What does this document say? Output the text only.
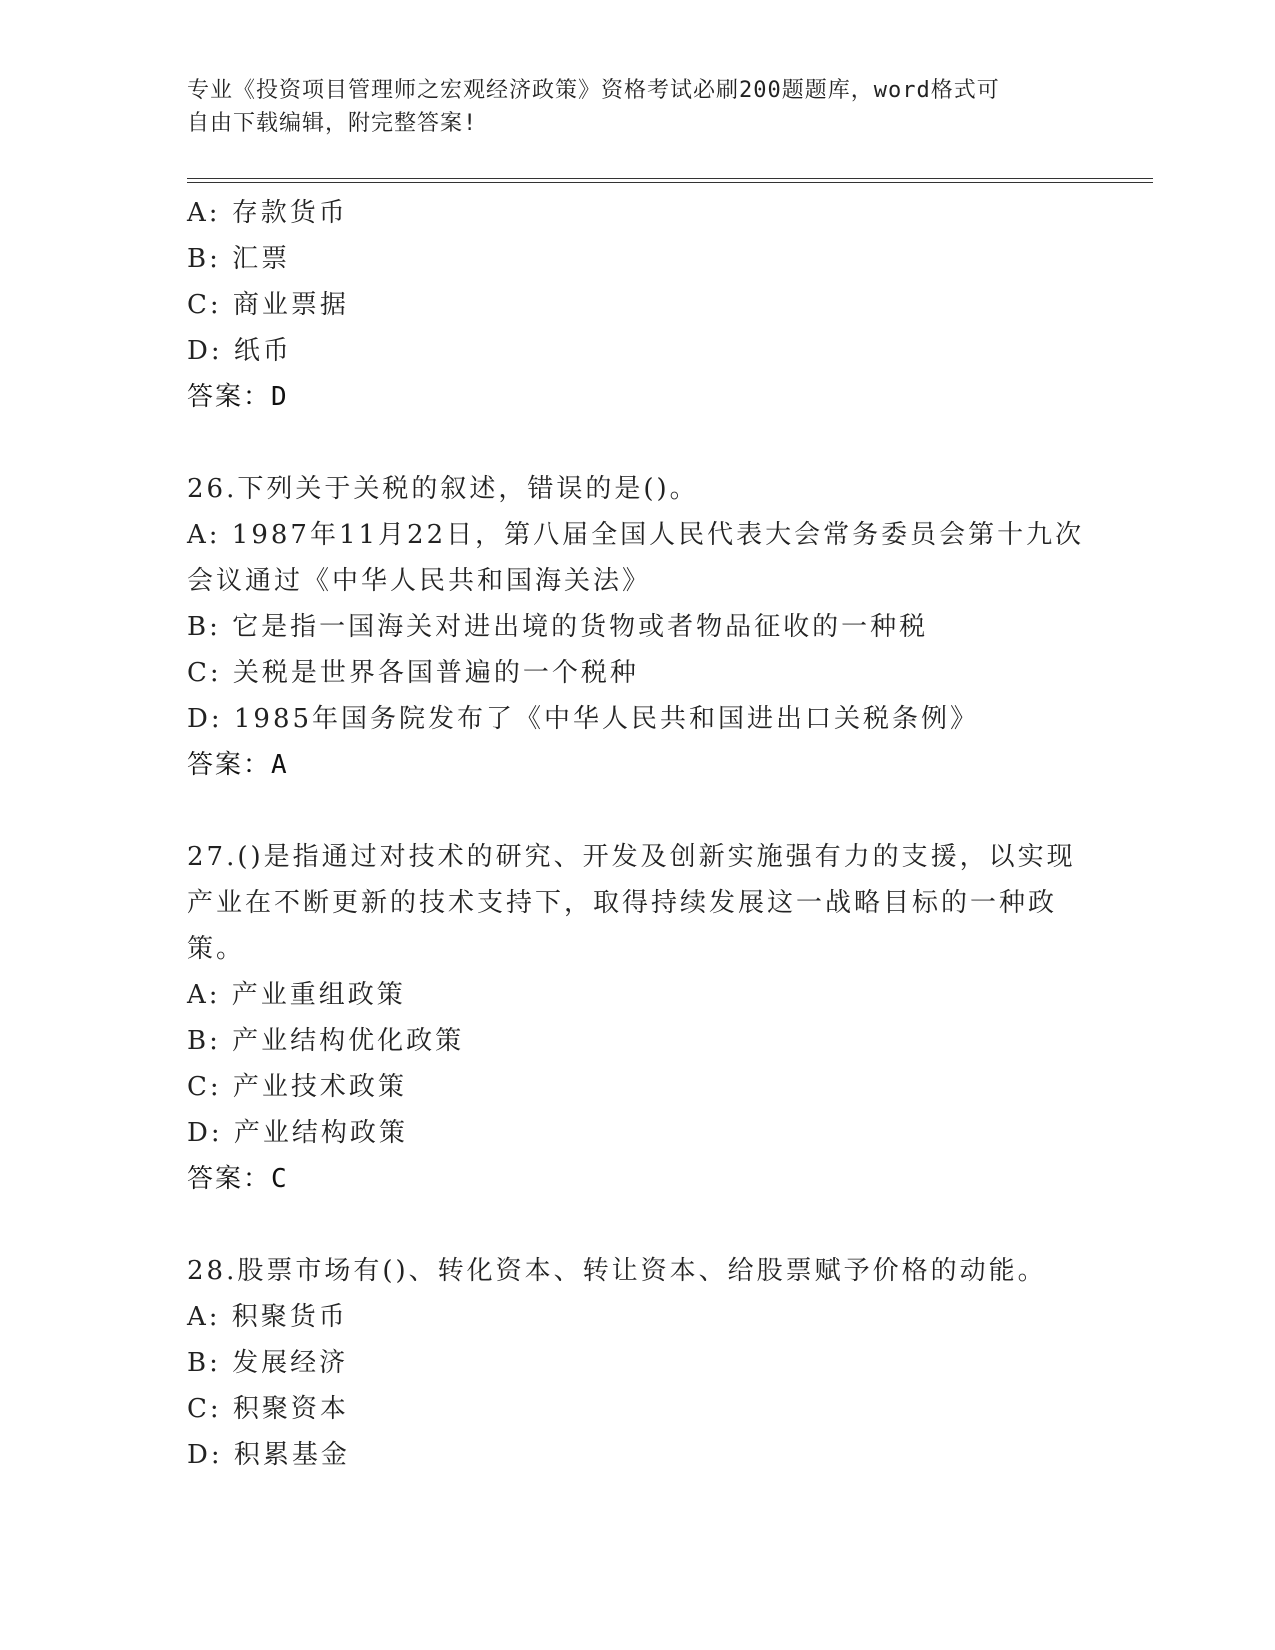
专业《投资项目管理师之宏观经济政策》资格考试必刷200题题库，word格式可
自由下载编辑，附完整答案!
A: 存款货币
B: 汇票
C: 商业票据
D: 纸币
答案：D
26.下列关于关税的叙述，错误的是()。
A: 1987年11月22日，第八届全国人民代表大会常务委员会第十九次
会议通过《中华人民共和国海关法》
B: 它是指一国海关对进出境的货物或者物品征收的一种税
C: 关税是世界各国普遍的一个税种
D: 1985年国务院发布了《中华人民共和国进出口关税条例》
答案：A
27.()是指通过对技术的研究、开发及创新实施强有力的支援，以实现
产业在不断更新的技术支持下，取得持续发展这一战略目标的一种政
策。
A: 产业重组政策
B: 产业结构优化政策
C: 产业技术政策
D: 产业结构政策
答案：C
28.股票市场有()、转化资本、转让资本、给股票赋予价格的动能。
A: 积聚货币
B: 发展经济
C: 积聚资本
D: 积累基金
